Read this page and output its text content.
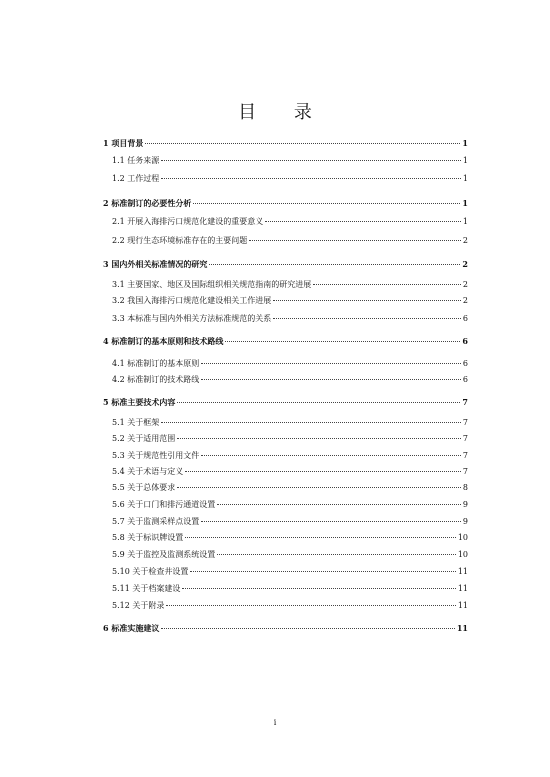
目 录
1 项目背景	1
1.1 任务来源	1
1.2 工作过程	1
2 标准制订的必要性分析	1
2.1 开展入海排污口规范化建设的重要意义	1
2.2 现行生态环境标准存在的主要问题	2
3 国内外相关标准情况的研究	2
3.1 主要国家、地区及国际组织相关规范指南的研究进展	2
3.2 我国入海排污口规范化建设相关工作进展	2
3.3 本标准与国内外相关方法标准规范的关系	6
4 标准制订的基本原则和技术路线	6
4.1 标准制订的基本原则	6
4.2 标准制订的技术路线	6
5 标准主要技术内容	7
5.1 关于框架	7
5.2 关于适用范围	7
5.3 关于规范性引用文件	7
5.4 关于术语与定义	7
5.5 关于总体要求	8
5.6 关于口门和排污通道设置	9
5.7 关于监测采样点设置	9
5.8 关于标识牌设置	10
5.9 关于监控及监测系统设置	10
5.10 关于检查井设置	11
5.11 关于档案建设	11
5.12 关于附录	11
6 标准实施建议	11
i
